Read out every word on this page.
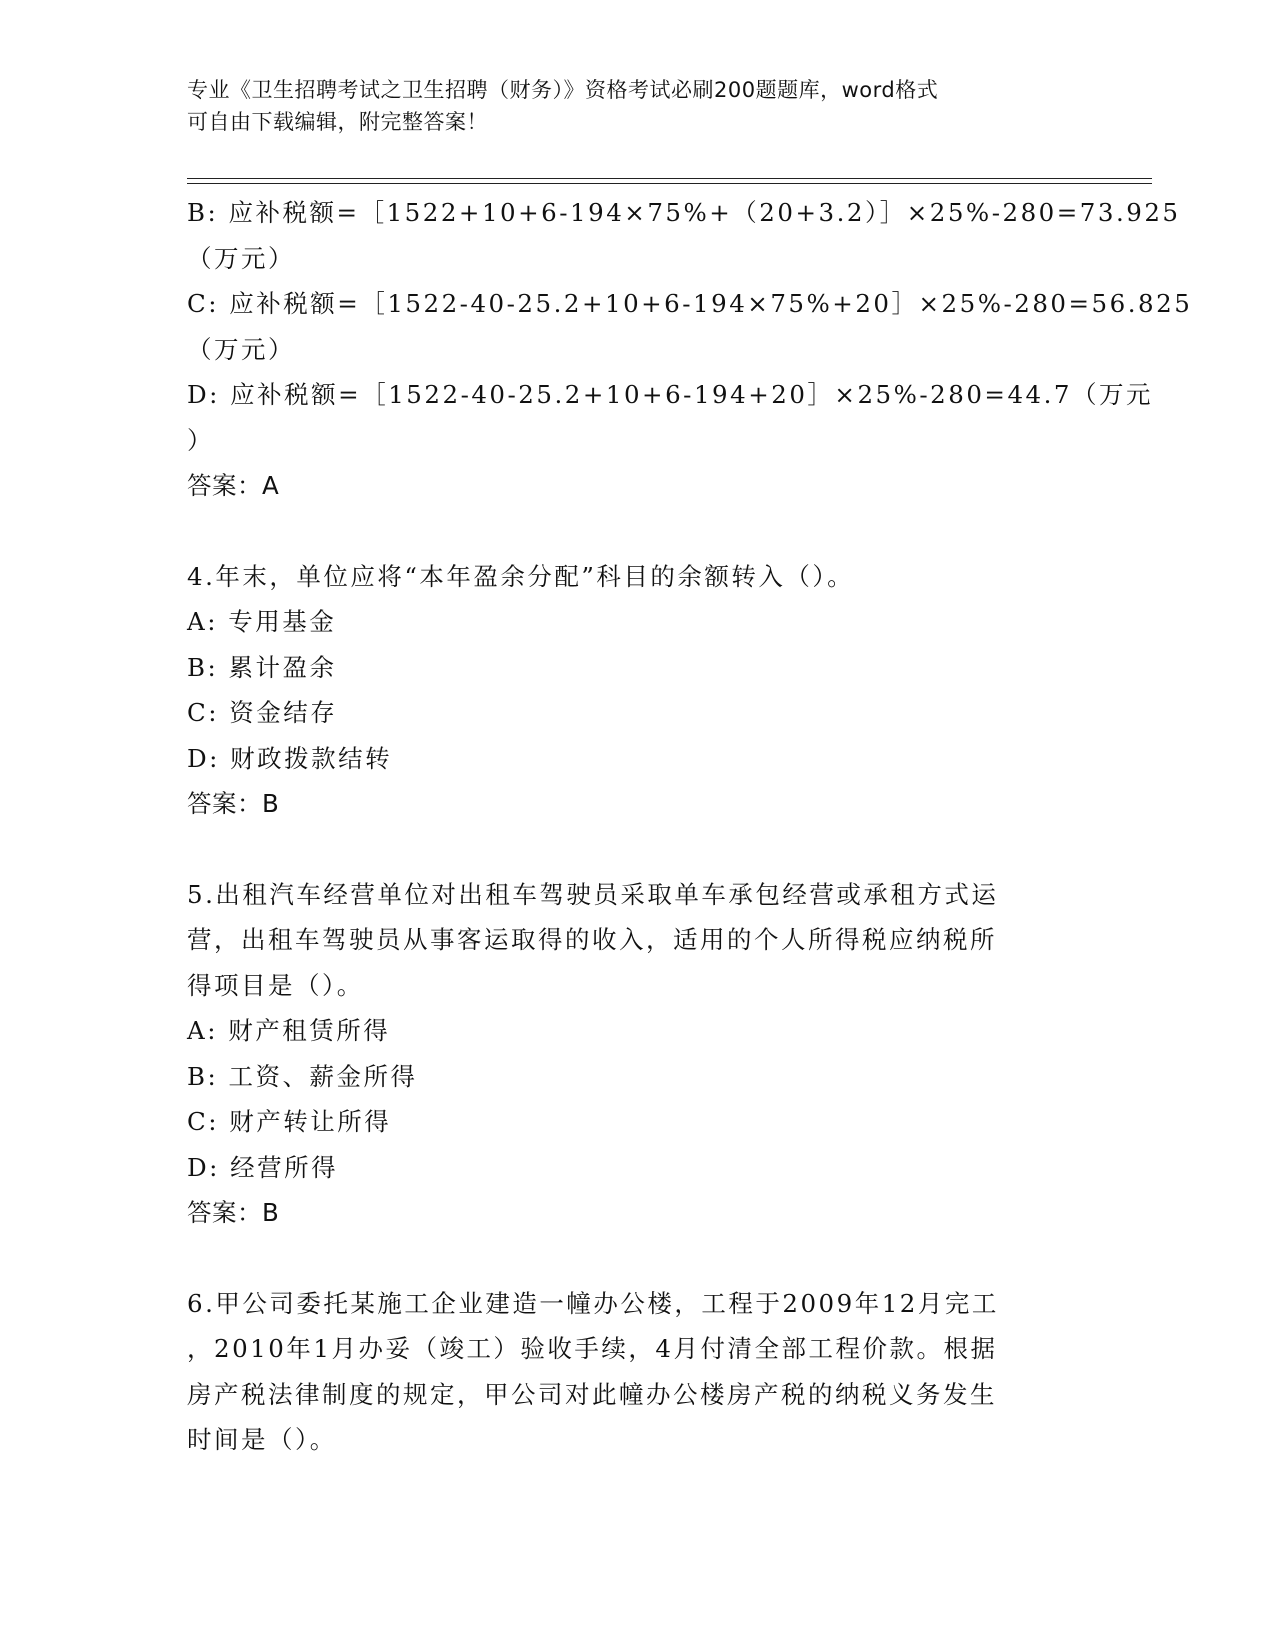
专业《卫生招聘考试之卫生招聘（财务）》资格考试必刷200题题库，word格式
可自由下载编辑，附完整答案！
B: 应补税额=［1522+10+6-194×75%+（20+3.2）］×25%-280=73.925
（万元）
C: 应补税额=［1522-40-25.2+10+6-194×75%+20］×25%-280=56.825
（万元）
D: 应补税额=［1522-40-25.2+10+6-194+20］×25%-280=44.7（万元
）
答案：A
4.年末，单位应将“本年盈余分配”科目的余额转入（）。
A: 专用基金
B: 累计盈余
C: 资金结存
D: 财政拨款结转
答案：B
5.出租汽车经营单位对出租车驾驶员采取单车承包经营或承租方式运
营，出租车驾驶员从事客运取得的收入，适用的个人所得税应纳税所
得项目是（）。
A: 财产租赁所得
B: 工资、薪金所得
C: 财产转让所得
D: 经营所得
答案：B
6.甲公司委托某施工企业建造一幢办公楼，工程于2009年12月完工
，2010年1月办妥（竣工）验收手续，4月付清全部工程价款。根据
房产税法律制度的规定，甲公司对此幢办公楼房产税的纳税义务发生
时间是（）。
